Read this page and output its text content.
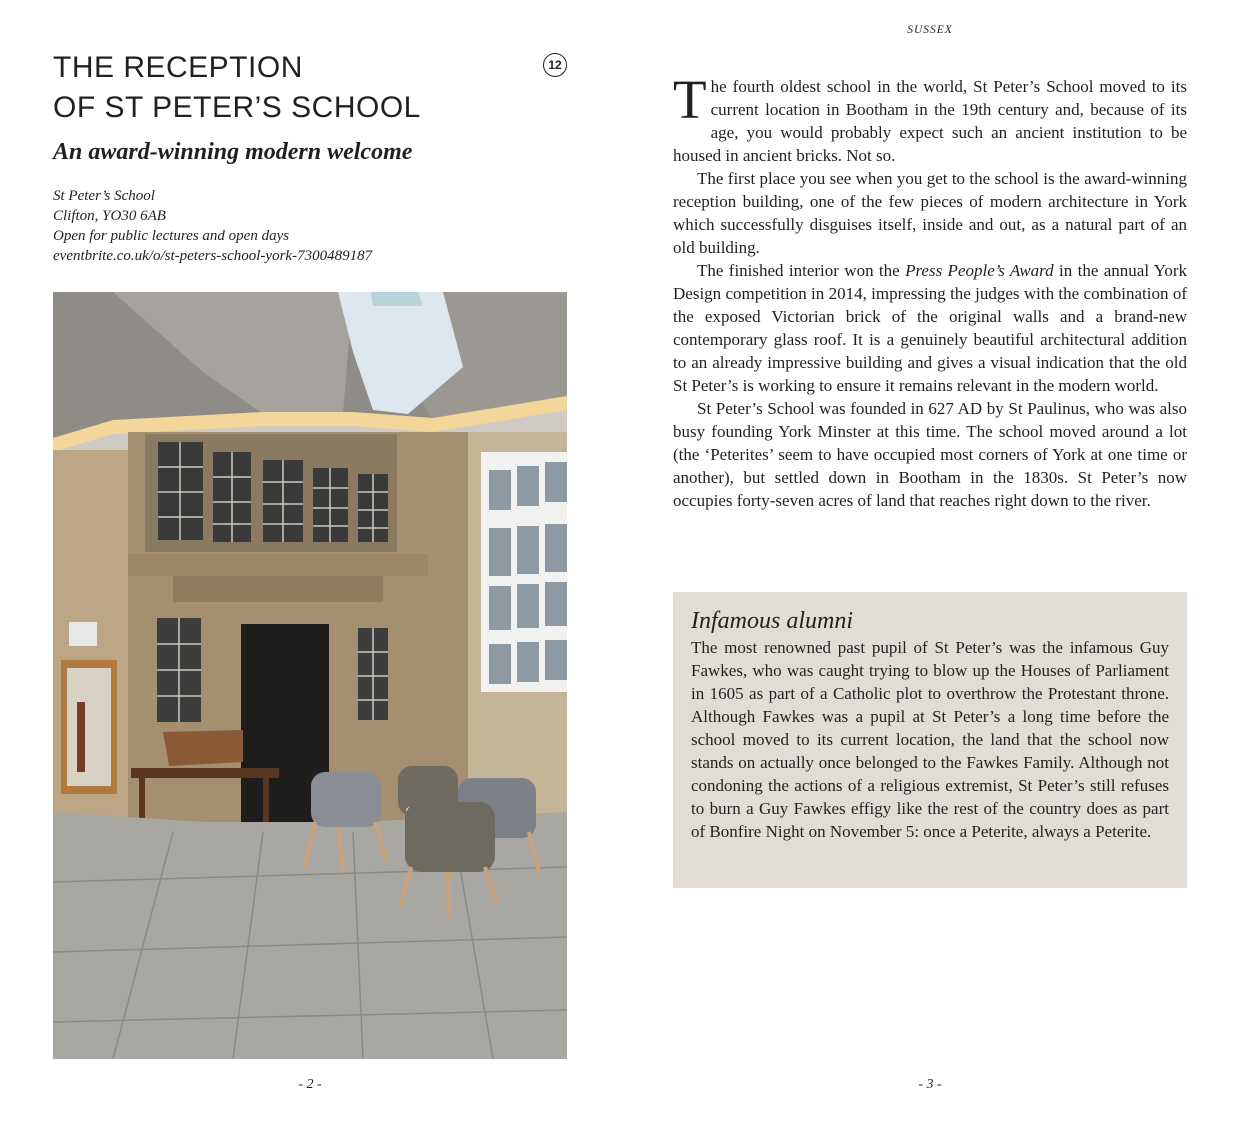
THE RECEPTION
OF ST PETER’S SCHOOL
12
An award-winning modern welcome
St Peter’s School
Clifton, YO30 6AB
Open for public lectures and open days
eventbrite.co.uk/o/st-peters-school-york-7300489187
- 2 -
SUSSEX

The fourth oldest school in the world, St Peter’s School moved to its current location in Bootham in the 19th century and, because of its age, you would probably expect such an ancient institution to be housed in ancient bricks. Not so.

The first place you see when you get to the school is the award-winning reception building, one of the few pieces of modern architecture in York which successfully disguises itself, inside and out, as a natural part of an old building.

The finished interior won the Press People’s Award in the annual York Design competition in 2014, impressing the judges with the combination of the exposed Victorian brick of the original walls and a brand-new contemporary glass roof. It is a genuinely beautiful architectural addition to an already impressive building and gives a visual indication that the old St Peter’s is working to ensure it remains relevant in the modern world.

St Peter’s School was founded in 627 AD by St Paulinus, who was also busy founding York Minster at this time. The school moved around a lot (the ‘Peterites’ seem to have occupied most corners of York at one time or another), but settled down in Bootham in the 1830s. St Peter’s now occupies forty-seven acres of land that reaches right down to the river.

Infamous alumni

The most renowned past pupil of St Peter’s was the infamous Guy Fawkes, who was caught trying to blow up the Houses of Parliament in 1605 as part of a Catholic plot to overthrow the Protestant throne. Although Fawkes was a pupil at St Peter’s a long time before the school moved to its current location, the land that the school now stands on actually once belonged to the Fawkes Family. Although not condoning the actions of a religious extremist, St Peter’s still refuses to burn a Guy Fawkes effigy like the rest of the country does as part of Bonfire Night on November 5: once a Peterite, always a Peterite.

- 3 -
